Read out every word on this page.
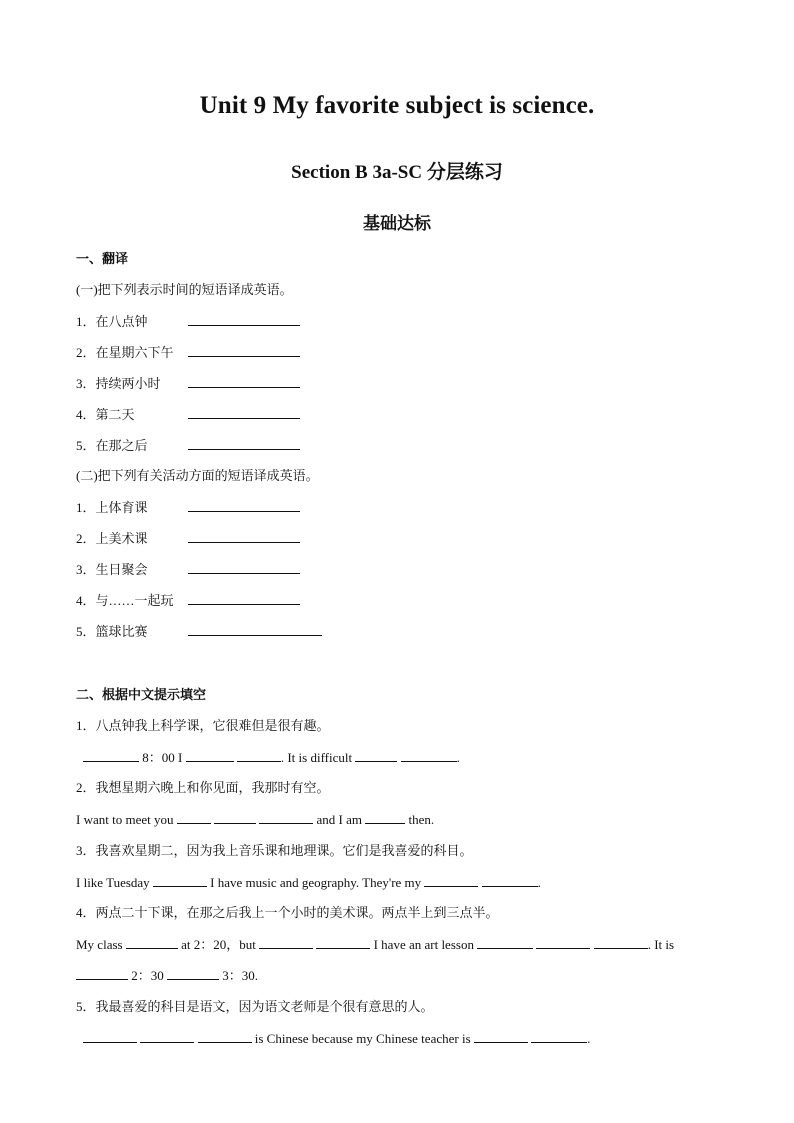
Unit 9 My favorite subject is science.
Section B 3a-SC 分层练习
基础达标
一、翻译
(一)把下列表示时间的短语译成英语。
1．在八点钟
2．在星期六下午
3．持续两小时
4．第二天
5．在那之后
(二)把下列有关活动方面的短语译成英语。
1．上体育课
2．上美术课
3．生日聚会
4．与……一起玩
5．篮球比赛
二、根据中文提示填空
1．八点钟我上科学课，它很难但是很有趣。
8：00 I	. It is difficult	.
2．我想星期六晚上和你见面，我那时有空。
I want to meet you	and I am	then.
3．我喜欢星期二，因为我上音乐课和地理课。它们是我喜爱的科目。
I like Tuesday	I have music and geography. They're my	.
4．两点二十下课，在那之后我上一个小时的美术课。两点半上到三点半。
My class	at 2：20，but	I have an art lesson	. It is
2：30	3：30.
5．我最喜爱的科目是语文，因为语文老师是个很有意思的人。
is Chinese because my Chinese teacher is	.
